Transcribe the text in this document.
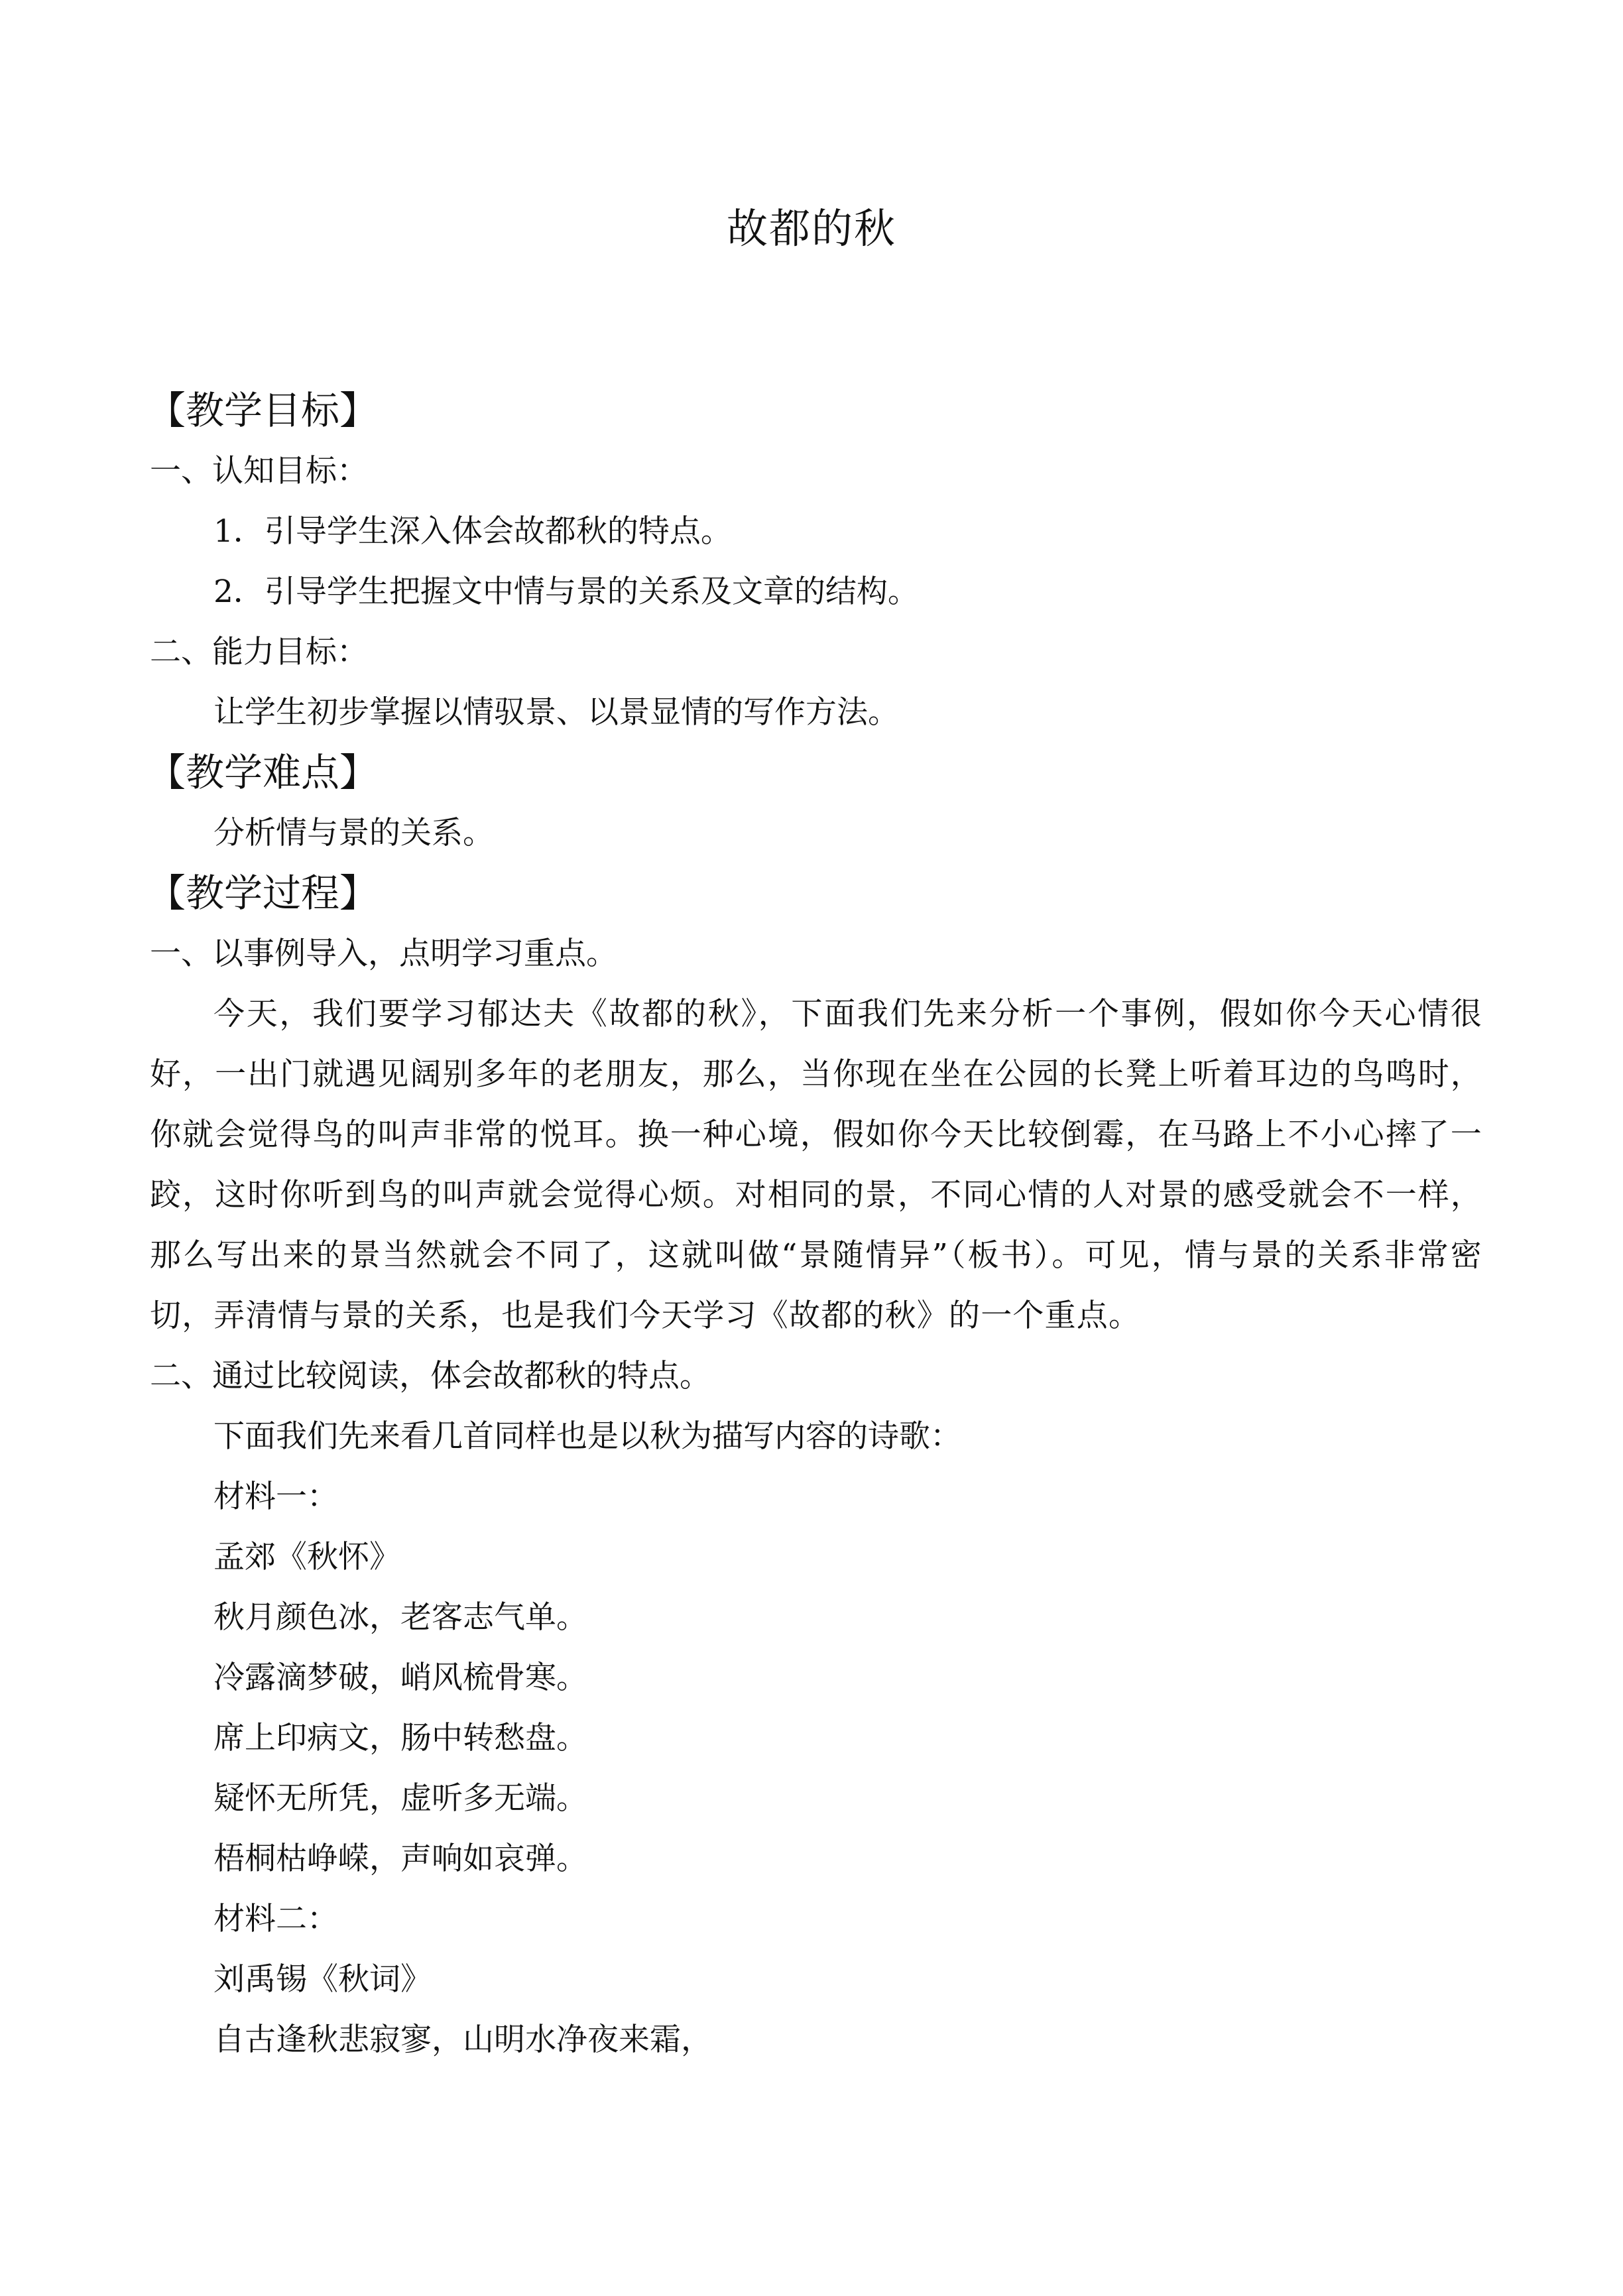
故都的秋
【教学目标】
一、认知目标：
1．引导学生深入体会故都秋的特点。
2．引导学生把握文中情与景的关系及文章的结构。
二、能力目标：
让学生初步掌握以情驭景、以景显情的写作方法。
【教学难点】
分析情与景的关系。
【教学过程】
一、以事例导入，点明学习重点。
今天，我们要学习郁达夫《故都的秋》，下面我们先来分析一个事例，假如你今天心情很好，一出门就遇见阔别多年的老朋友，那么，当你现在坐在公园的长凳上听着耳边的鸟鸣时，你就会觉得鸟的叫声非常的悦耳。换一种心境，假如你今天比较倒霉，在马路上不小心摔了一跤，这时你听到鸟的叫声就会觉得心烦。对相同的景，不同心情的人对景的感受就会不一样，那么写出来的景当然就会不同了，这就叫做“景随情异”（板书）。可见，情与景的关系非常密切，弄清情与景的关系，也是我们今天学习《故都的秋》的一个重点。
二、通过比较阅读，体会故都秋的特点。
下面我们先来看几首同样也是以秋为描写内容的诗歌：
材料一：
孟郊《秋怀》
秋月颜色冰，老客志气单。
冷露滴梦破，峭风梳骨寒。
席上印病文，肠中转愁盘。
疑怀无所凭，虚听多无端。
梧桐枯峥嵘，声响如哀弹。
材料二：
刘禹锡《秋词》
自古逢秋悲寂寥，山明水净夜来霜，
